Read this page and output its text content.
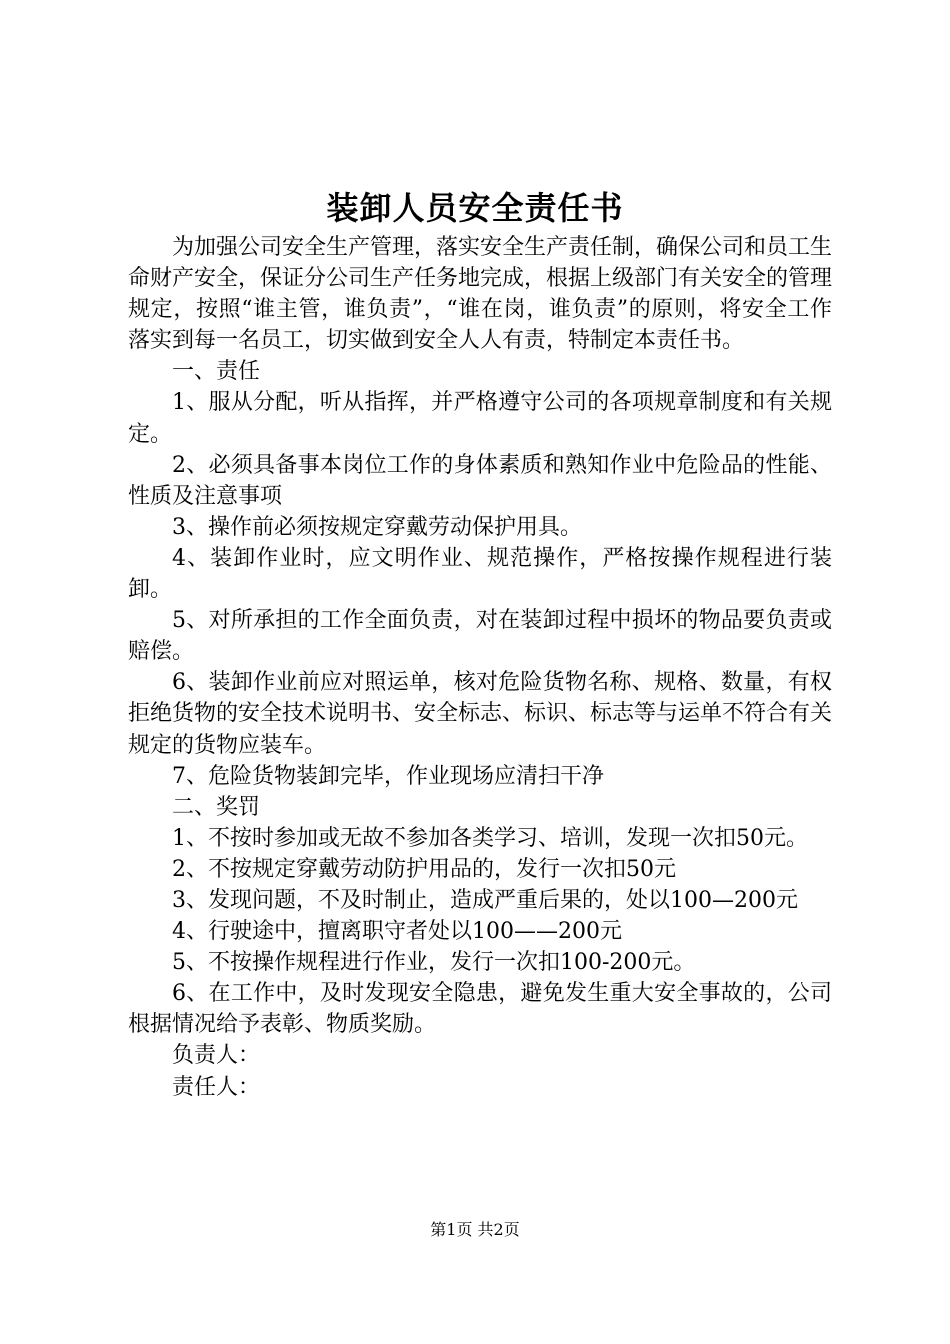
装卸人员安全责任书

为加强公司安全生产管理，落实安全生产责任制，确保公司和员工生命财产安全，保证分公司生产任务地完成，根据上级部门有关安全的管理规定，按照“谁主管，谁负责”，“谁在岗，谁负责”的原则，将安全工作落实到每一名员工，切实做到安全人人有责，特制定本责任书。

一、责任

1、服从分配，听从指挥，并严格遵守公司的各项规章制度和有关规定。

2、必须具备事本岗位工作的身体素质和熟知作业中危险品的性能、性质及注意事项

3、操作前必须按规定穿戴劳动保护用具。

4、装卸作业时，应文明作业、规范操作，严格按操作规程进行装卸。

5、对所承担的工作全面负责，对在装卸过程中损坏的物品要负责或赔偿。

6、装卸作业前应对照运单，核对危险货物名称、规格、数量，有权拒绝货物的安全技术说明书、安全标志、标识、标志等与运单不符合有关规定的货物应装车。

7、危险货物装卸完毕，作业现场应清扫干净

二、奖罚

1、不按时参加或无故不参加各类学习、培训，发现一次扣50元。

2、不按规定穿戴劳动防护用品的，发行一次扣50元

3、发现问题，不及时制止，造成严重后果的，处以100—200元

4、行驶途中，擅离职守者处以100——200元

5、不按操作规程进行作业，发行一次扣100-200元。

6、在工作中，及时发现安全隐患，避免发生重大安全事故的，公司根据情况给予表彰、物质奖励。

负责人：

责任人：

第1页 共2页
